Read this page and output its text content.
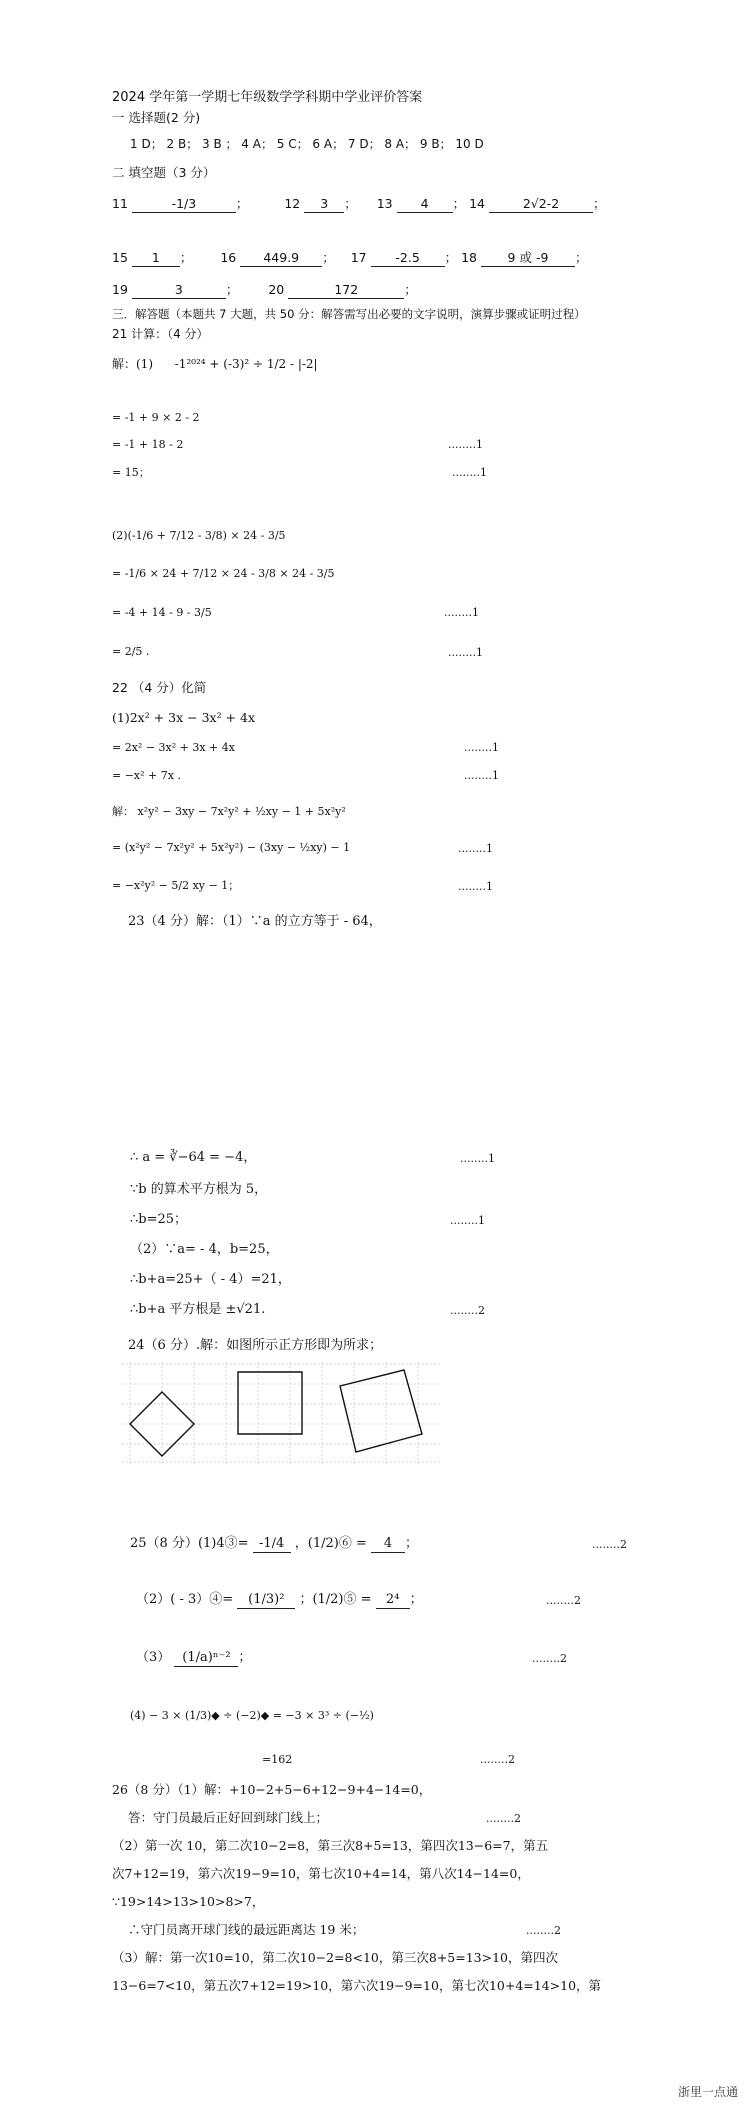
2024 学年第一学期七年级数学学科期中学业评价答案
一 选择题(2 分)
1 D； 2 B； 3 B ； 4 A； 5 C； 6 A； 7 D； 8 A； 9 B； 10 D
二 填空题（3 分）
11	-1/3	；	12 3 ；  13 4 ； 14	2√2-2	；
15 1 ；  16 449.9 ；  17 -2.5 ； 18 9 或 -9 ；
19	3	；  20	172	；
三．解答题（本题共 7 大题，共 50 分：解答需写出必要的文字说明，演算步骤或证明过程）
21 计算：（4 分）
解：(1) -1²⁰²⁴ + (-3)² ÷ 1/2 - |-2|
= -1 + 9 × 2 - 2
= -1 + 18 - 2	........1
= 15；	........1
(2)(-1/6 + 7/12 - 3/8) × 24 - 3/5
= -1/6 × 24 + 7/12 × 24 - 3/8 × 24 - 3/5
= -4 + 14 - 9 - 3/5	........1
= 2/5 .	........1
22 （4 分）化简
(1)2x² + 3x − 3x² + 4x
= 2x² − 3x² + 3x + 4x	........1
= −x² + 7x .	........1
解： x²y² − 3xy − 7x²y² + ½xy − 1 + 5x²y²
= (x²y² − 7x²y² + 5x²y²) − (3xy − ½xy) − 1	........1
= −x²y² − 5/2 xy − 1；	........1
23（4 分）解：（1）∵a 的立方等于 - 64，
∴ a = ∛−64 = −4，	........1
∵b 的算术平方根为 5，
∴b=25；	........1
（2）∵a= - 4，b=25，
∴b+a=25+（ - 4）=21，
∴b+a 平方根是 ±√21.	........2
24（6 分）.解：如图所示正方形即为所求；
25（8 分）(1)4③= -1/4 ，(1/2)⑥ = 4 ；	........2
（2）( - 3）④= (1/3)² ；(1/2)⑤ = 2⁴ ；	........2
（3） (1/a)ⁿ⁻² ；	........2
(4) − 3 × (1/3)◆ ÷ (−2)◆ = −3 × 3³ ÷ (−½)
=162	........2
26（8 分）（1）解：+10−2+5−6+12−9+4−14=0，
答：守门员最后正好回到球门线上；	........2
（2）第一次 10，第二次10−2=8，第三次8+5=13，第四次13−6=7，第五
次7+12=19，第六次19−9=10，第七次10+4=14，第八次14−14=0，
∵19>14>13>10>8>7，
∴守门员离开球门线的最远距离达 19 米；	........2
（3）解：第一次10=10，第二次10−2=8<10，第三次8+5=13>10，第四次
13−6=7<10，第五次7+12=19>10，第六次19−9=10，第七次10+4=14>10，第
浙里一点通
